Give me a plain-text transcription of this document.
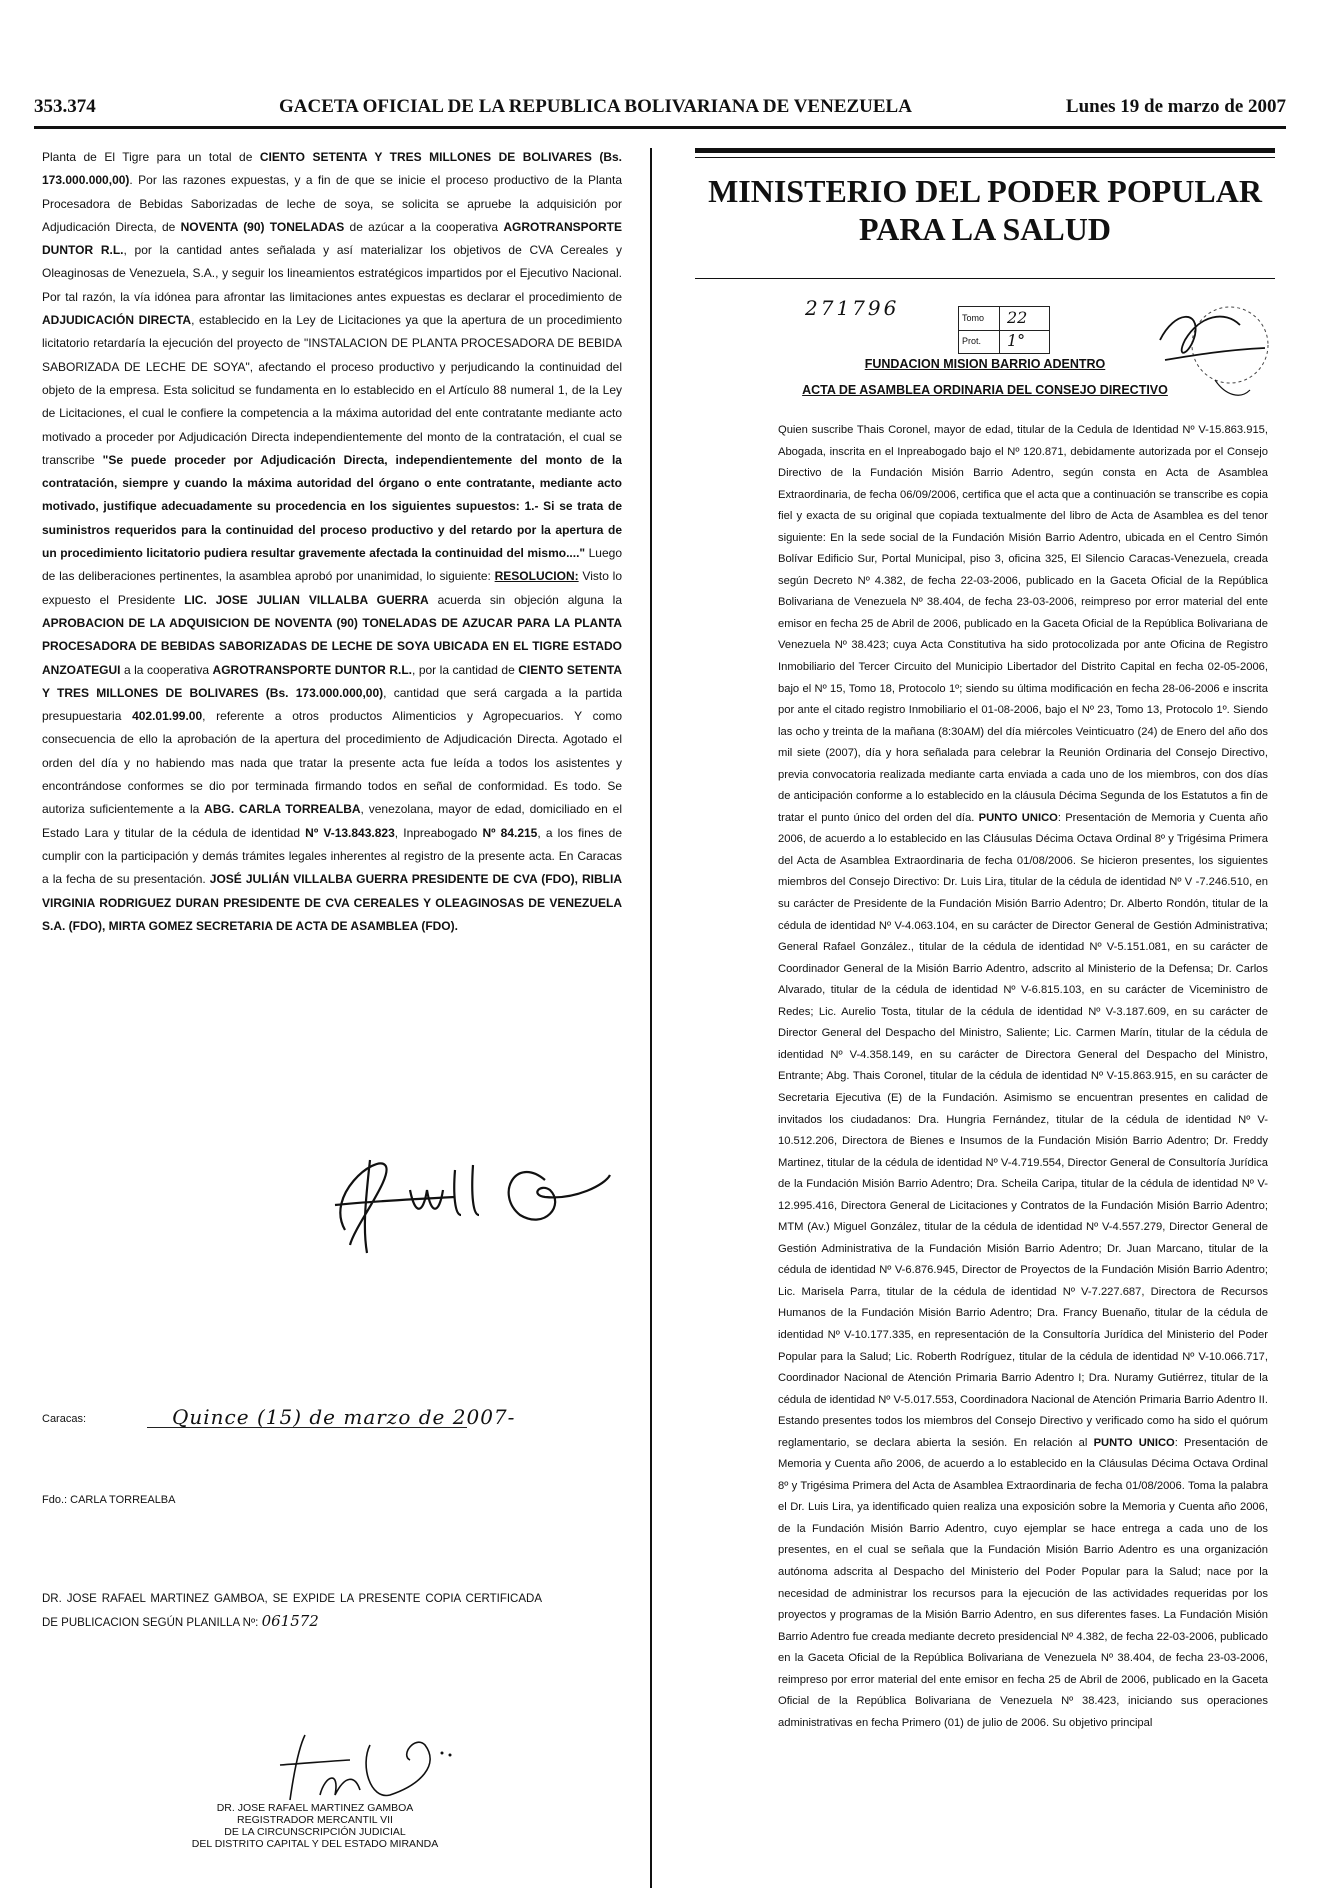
353.374	GACETA OFICIAL DE LA REPUBLICA BOLIVARIANA DE VENEZUELA	Lunes 19 de marzo de 2007

Planta de El Tigre para un total de CIENTO SETENTA Y TRES MILLONES DE BOLIVARES (Bs. 173.000.000,00). Por las razones expuestas, y a fin de que se inicie el proceso productivo de la Planta Procesadora de Bebidas Saborizadas de leche de soya, se solicita se apruebe la adquisición por Adjudicación Directa, de NOVENTA (90) TONELADAS de azúcar a la cooperativa AGROTRANSPORTE DUNTOR R.L., por la cantidad antes señalada y así materializar los objetivos de CVA Cereales y Oleaginosas de Venezuela, S.A., y seguir los lineamientos estratégicos impartidos por el Ejecutivo Nacional. Por tal razón, la vía idónea para afrontar las limitaciones antes expuestas es declarar el procedimiento de ADJUDICACIÓN DIRECTA, establecido en la Ley de Licitaciones ya que la apertura de un procedimiento licitatorio retardaría la ejecución del proyecto de "INSTALACION DE PLANTA PROCESADORA DE BEBIDA SABORIZADA DE LECHE DE SOYA", afectando el proceso productivo y perjudicando la continuidad del objeto de la empresa. Esta solicitud se fundamenta en lo establecido en el Artículo 88 numeral 1, de la Ley de Licitaciones, el cual le confiere la competencia a la máxima autoridad del ente contratante mediante acto motivado a proceder por Adjudicación Directa independientemente del monto de la contratación, el cual se transcribe "Se puede proceder por Adjudicación Directa, independientemente del monto de la contratación, siempre y cuando la máxima autoridad del órgano o ente contratante, mediante acto motivado, justifique adecuadamente su procedencia en los siguientes supuestos: 1.- Si se trata de suministros requeridos para la continuidad del proceso productivo y del retardo por la apertura de un procedimiento licitatorio pudiera resultar gravemente afectada la continuidad del mismo...." Luego de las deliberaciones pertinentes, la asamblea aprobó por unanimidad, lo siguiente: RESOLUCION: Visto lo expuesto el Presidente LIC. JOSE JULIAN VILLALBA GUERRA acuerda sin objeción alguna la APROBACION DE LA ADQUISICION DE NOVENTA (90) TONELADAS DE AZUCAR PARA LA PLANTA PROCESADORA DE BEBIDAS SABORIZADAS DE LECHE DE SOYA UBICADA EN EL TIGRE ESTADO ANZOATEGUI a la cooperativa AGROTRANSPORTE DUNTOR R.L., por la cantidad de CIENTO SETENTA Y TRES MILLONES DE BOLIVARES (Bs. 173.000.000,00), cantidad que será cargada a la partida presupuestaria 402.01.99.00, referente a otros productos Alimenticios y Agropecuarios. Y como consecuencia de ello la aprobación de la apertura del procedimiento de Adjudicación Directa. Agotado el orden del día y no habiendo mas nada que tratar la presente acta fue leída a todos los asistentes y encontrándose conformes se dio por terminada firmando todos en señal de conformidad. Es todo. Se autoriza suficientemente a la ABG. CARLA TORREALBA, venezolana, mayor de edad, domiciliado en el Estado Lara y titular de la cédula de identidad Nº V-13.843.823, Inpreabogado Nº 84.215, a los fines de cumplir con la participación y demás trámites legales inherentes al registro de la presente acta. En Caracas a la fecha de su presentación. JOSÉ JULIÁN VILLALBA GUERRA PRESIDENTE DE CVA (FDO), RIBLIA VIRGINIA RODRIGUEZ DURAN PRESIDENTE DE CVA CEREALES Y OLEAGINOSAS DE VENEZUELA S.A. (FDO), MIRTA GOMEZ SECRETARIA DE ACTA DE ASAMBLEA (FDO).

Caracas:	Quince (15) de marzo de 2007-
Fdo.: CARLA TORREALBA
DR. JOSE RAFAEL MARTINEZ GAMBOA, SE EXPIDE LA PRESENTE COPIA CERTIFICADA DE PUBLICACION SEGÚN PLANILLA Nº: 061572
DR. JOSE RAFAEL MARTINEZ GAMBOA
REGISTRADOR MERCANTIL VII
DE LA CIRCUNSCRIPCIÓN JUDICIAL
DEL DISTRITO CAPITAL Y DEL ESTADO MIRANDA
MINISTERIO DEL PODER POPULAR
PARA LA SALUD
271796	Tomo 22
Prot. 1°
FUNDACION MISION BARRIO ADENTRO
ACTA DE ASAMBLEA ORDINARIA DEL CONSEJO DIRECTIVO

Quien suscribe Thais Coronel, mayor de edad, titular de la Cedula de Identidad Nº V-15.863.915, Abogada, inscrita en el Inpreabogado bajo el Nº 120.871, debidamente autorizada por el Consejo Directivo de la Fundación Misión Barrio Adentro, según consta en Acta de Asamblea Extraordinaria, de fecha 06/09/2006, certifica que el acta que a continuación se transcribe es copia fiel y exacta de su original que copiada textualmente del libro de Acta de Asamblea es del tenor siguiente: En la sede social de la Fundación Misión Barrio Adentro, ubicada en el Centro Simón Bolívar Edificio Sur, Portal Municipal, piso 3, oficina 325, El Silencio Caracas-Venezuela, creada según Decreto Nº 4.382, de fecha 22-03-2006, publicado en la Gaceta Oficial de la República Bolivariana de Venezuela Nº 38.404, de fecha 23-03-2006, reimpreso por error material del ente emisor en fecha 25 de Abril de 2006, publicado en la Gaceta Oficial de la República Bolivariana de Venezuela Nº 38.423; cuya Acta Constitutiva ha sido protocolizada por ante Oficina de Registro Inmobiliario del Tercer Circuito del Municipio Libertador del Distrito Capital en fecha 02-05-2006, bajo el Nº 15, Tomo 18, Protocolo 1º; siendo su última modificación en fecha 28-06-2006 e inscrita por ante el citado registro Inmobiliario el 01-08-2006, bajo el Nº 23, Tomo 13, Protocolo 1º. Siendo las ocho y treinta de la mañana (8:30AM) del día miércoles Veinticuatro (24) de Enero del año dos mil siete (2007), día y hora señalada para celebrar la Reunión Ordinaria del Consejo Directivo, previa convocatoria realizada mediante carta enviada a cada uno de los miembros, con dos días de anticipación conforme a lo establecido en la cláusula Décima Segunda de los Estatutos a fin de tratar el punto único del orden del día. PUNTO UNICO: Presentación de Memoria y Cuenta año 2006, de acuerdo a lo establecido en las Cláusulas Décima Octava Ordinal 8º y Trigésima Primera del Acta de Asamblea Extraordinaria de fecha 01/08/2006. Se hicieron presentes, los siguientes miembros del Consejo Directivo: Dr. Luis Lira, titular de la cédula de identidad Nº V -7.246.510, en su carácter de Presidente de la Fundación Misión Barrio Adentro; Dr. Alberto Rondón, titular de la cédula de identidad Nº V-4.063.104, en su carácter de Director General de Gestión Administrativa; General Rafael González., titular de la cédula de identidad Nº V-5.151.081, en su carácter de Coordinador General de la Misión Barrio Adentro, adscrito al Ministerio de la Defensa; Dr. Carlos Alvarado, titular de la cédula de identidad Nº V-6.815.103, en su carácter de Viceministro de Redes; Lic. Aurelio Tosta, titular de la cédula de identidad Nº V-3.187.609, en su carácter de Director General del Despacho del Ministro, Saliente; Lic. Carmen Marín, titular de la cédula de identidad Nº V-4.358.149, en su carácter de Directora General del Despacho del Ministro, Entrante; Abg. Thais Coronel, titular de la cédula de identidad Nº V-15.863.915, en su carácter de Secretaria Ejecutiva (E) de la Fundación. Asimismo se encuentran presentes en calidad de invitados los ciudadanos: Dra. Hungria Fernández, titular de la cédula de identidad Nº V-10.512.206, Directora de Bienes e Insumos de la Fundación Misión Barrio Adentro; Dr. Freddy Martinez, titular de la cédula de identidad Nº V-4.719.554, Director General de Consultoría Jurídica de la Fundación Misión Barrio Adentro; Dra. Scheila Caripa, titular de la cédula de identidad Nº V-12.995.416, Directora General de Licitaciones y Contratos de la Fundación Misión Barrio Adentro; MTM (Av.) Miguel González, titular de la cédula de identidad Nº V-4.557.279, Director General de Gestión Administrativa de la Fundación Misión Barrio Adentro; Dr. Juan Marcano, titular de la cédula de identidad Nº V-6.876.945, Director de Proyectos de la Fundación Misión Barrio Adentro; Lic. Marisela Parra, titular de la cédula de identidad Nº V-7.227.687, Directora de Recursos Humanos de la Fundación Misión Barrio Adentro; Dra. Francy Buenaño, titular de la cédula de identidad Nº V-10.177.335, en representación de la Consultoría Jurídica del Ministerio del Poder Popular para la Salud; Lic. Roberth Rodríguez, titular de la cédula de identidad Nº V-10.066.717, Coordinador Nacional de Atención Primaria Barrio Adentro I; Dra. Nuramy Gutiérrez, titular de la cédula de identidad Nº V-5.017.553, Coordinadora Nacional de Atención Primaria Barrio Adentro II. Estando presentes todos los miembros del Consejo Directivo y verificado como ha sido el quórum reglamentario, se declara abierta la sesión. En relación al PUNTO UNICO: Presentación de Memoria y Cuenta año 2006, de acuerdo a lo establecido en la Cláusulas Décima Octava Ordinal 8º y Trigésima Primera del Acta de Asamblea Extraordinaria de fecha 01/08/2006. Toma la palabra el Dr. Luis Lira, ya identificado quien realiza una exposición sobre la Memoria y Cuenta año 2006, de la Fundación Misión Barrio Adentro, cuyo ejemplar se hace entrega a cada uno de los presentes, en el cual se señala que la Fundación Misión Barrio Adentro es una organización autónoma adscrita al Despacho del Ministerio del Poder Popular para la Salud; nace por la necesidad de administrar los recursos para la ejecución de las actividades requeridas por los proyectos y programas de la Misión Barrio Adentro, en sus diferentes fases. La Fundación Misión Barrio Adentro fue creada mediante decreto presidencial Nº 4.382, de fecha 22-03-2006, publicado en la Gaceta Oficial de la República Bolivariana de Venezuela Nº 38.404, de fecha 23-03-2006, reimpreso por error material del ente emisor en fecha 25 de Abril de 2006, publicado en la Gaceta Oficial de la República Bolivariana de Venezuela Nº 38.423, iniciando sus operaciones administrativas en fecha Primero (01) de julio de 2006. Su objetivo principal
